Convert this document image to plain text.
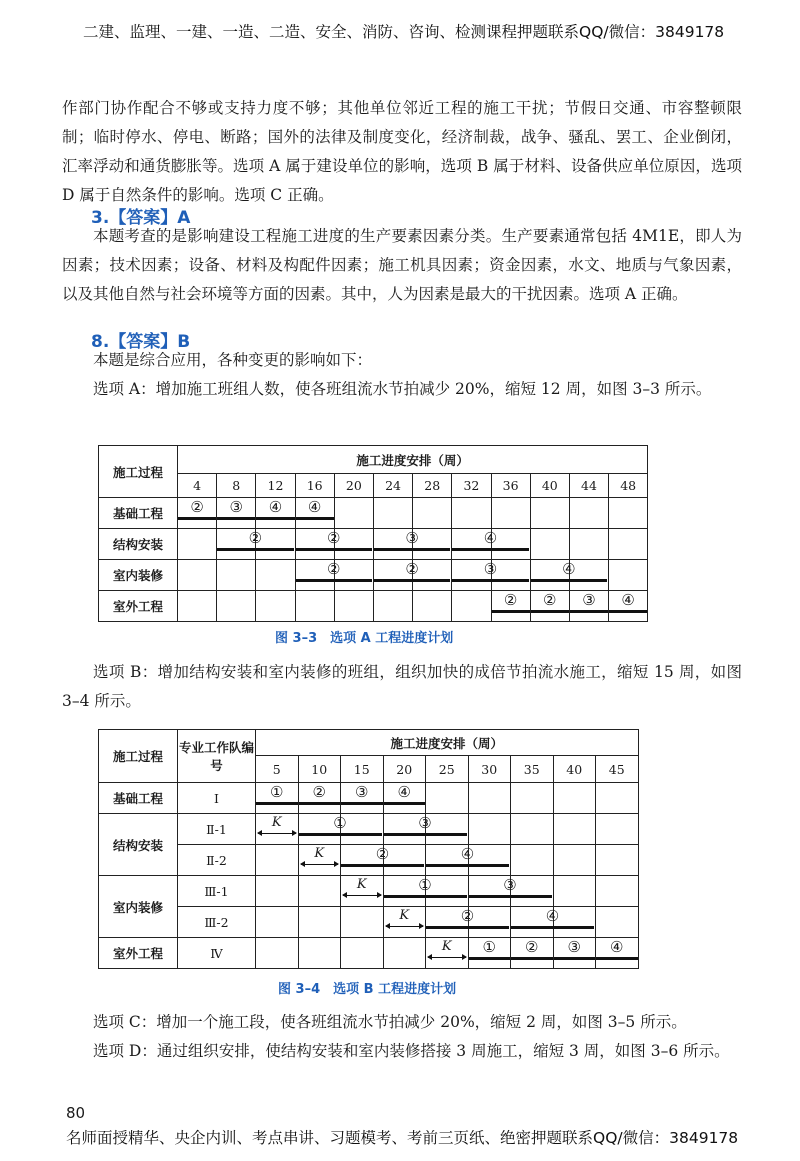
二建、监理、一建、一造、二造、安全、消防、咨询、检测课程押题联系QQ/微信：3849178

作部门协作配合不够或支持力度不够；其他单位邻近工程的施工干扰；节假日交通、市容整顿限制；临时停水、停电、断路；国外的法律及制度变化，经济制裁，战争、骚乱、罢工、企业倒闭，汇率浮动和通货膨胀等。选项 A 属于建设单位的影响，选项 B 属于材料、设备供应单位原因，选项 D 属于自然条件的影响。选项 C 正确。

3.【答案】A

本题考查的是影响建设工程施工进度的生产要素因素分类。生产要素通常包括 4M1E，即人为因素；技术因素；设备、材料及构配件因素；施工机具因素；资金因素，水文、地质与气象因素，以及其他自然与社会环境等方面的因素。其中，人为因素是最大的干扰因素。选项 A 正确。

8.【答案】B

本题是综合应用，各种变更的影响如下：

选项 A：增加施工班组人数，使各班组流水节拍减少 20%，缩短 12 周，如图 3–3 所示。

施工过程	施工进度安排（周）											
	4	8	12	16	20	24	28	32	36	40	44	48
基础工程	②	③	④	④								

结构安装		②		②		③		④				

室内装修				②		②		③		④		

室外工程									②	②	③	④
图 3–3　选项 A 工程进度计划

选项 B：增加结构安装和室内装修的班组，组织加快的成倍节拍流水施工，缩短 15 周，如图 3–4 所示。

施工过程	专业工作队编号	施工进度安排（周）								
		5	10	15	20	25	30	35	40	45
基础工程	Ⅰ	①	②	③	④					

结构安装	Ⅱ-1	K	①		③					

	Ⅱ-2		K	②		④				

室内装修	Ⅲ-1			K	①		③			

	Ⅲ-2				K	②		④		

室外工程	Ⅳ					K	①	②	③	④
图 3–4　选项 B 工程进度计划

选项 C：增加一个施工段，使各班组流水节拍减少 20%，缩短 2 周，如图 3–5 所示。

选项 D：通过组织安排，使结构安装和室内装修搭接 3 周施工，缩短 3 周，如图 3–6 所示。

80
名师面授精华、央企内训、考点串讲、习题模考、考前三页纸、绝密押题联系QQ/微信：3849178
